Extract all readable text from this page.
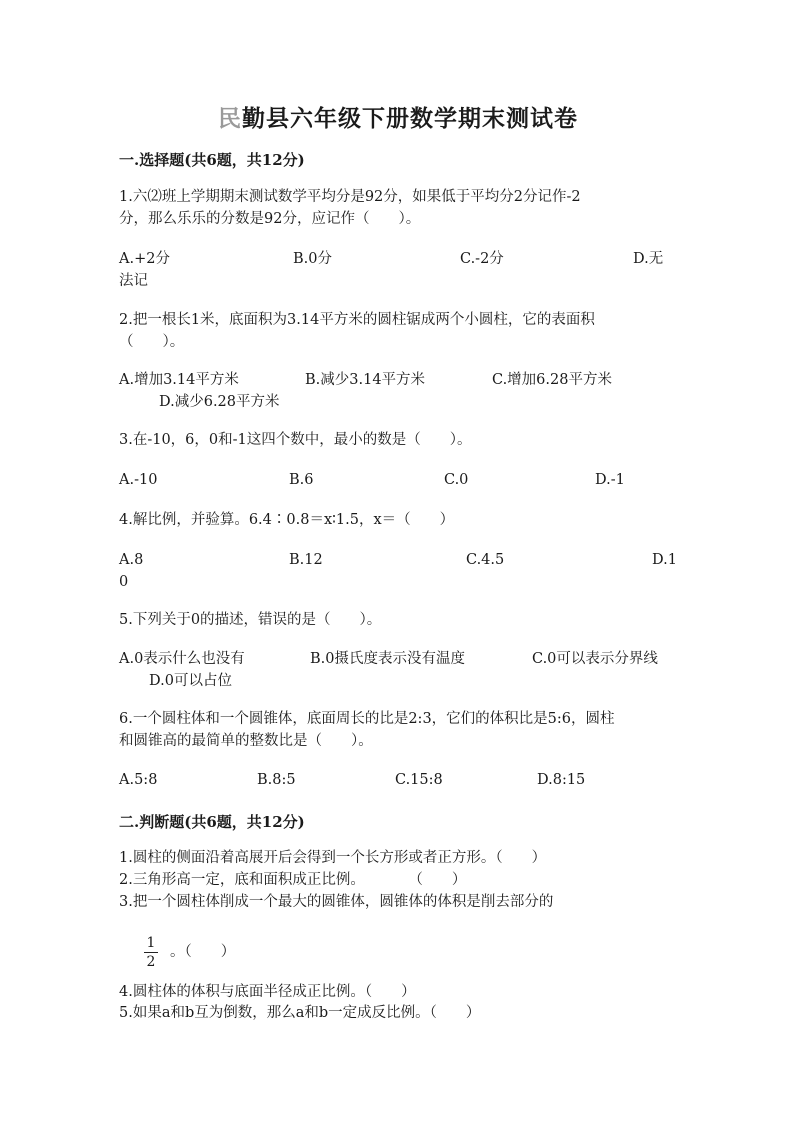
民勤县六年级下册数学期末测试卷
一.选择题(共6题，共12分)
1.六⑵班上学期期末测试数学平均分是92分，如果低于平均分2分记作-2
分，那么乐乐的分数是92分，应记作（　　）。
A.+2分	B.0分	C.-2分	D.无
法记
2.把一根长1米，底面积为3.14平方米的圆柱锯成两个小圆柱，它的表面积
（　　）。
A.增加3.14平方米	B.减少3.14平方米	C.增加6.28平方米
D.减少6.28平方米
3.在-10，6，0和-1这四个数中，最小的数是（　　）。
A.-10	B.6	C.0	D.-1
4.解比例，并验算。6.4∶0.8＝x∶1.5，x＝（　　）
A.8	B.12	C.4.5	D.1
0
5.下列关于0的描述，错误的是（　　）。
A.0表示什么也没有	B.0摄氏度表示没有温度	C.0可以表示分界线
D.0可以占位
6.一个圆柱体和一个圆锥体，底面周长的比是2:3，它们的体积比是5:6，圆柱
和圆锥高的最简单的整数比是（　　）。
A.5:8	B.8:5	C.15:8	D.8:15
二.判断题(共6题，共12分)
1.圆柱的侧面沿着高展开后会得到一个长方形或者正方形。（　　）
2.三角形高一定，底和面积成正比例。　　　　（　　）
3.把一个圆柱体削成一个最大的圆锥体，圆锥体的体积是削去部分的
1
2
。（　　）
4.圆柱体的体积与底面半径成正比例。（　　）
5.如果a和b互为倒数，那么a和b一定成反比例。（　　）
